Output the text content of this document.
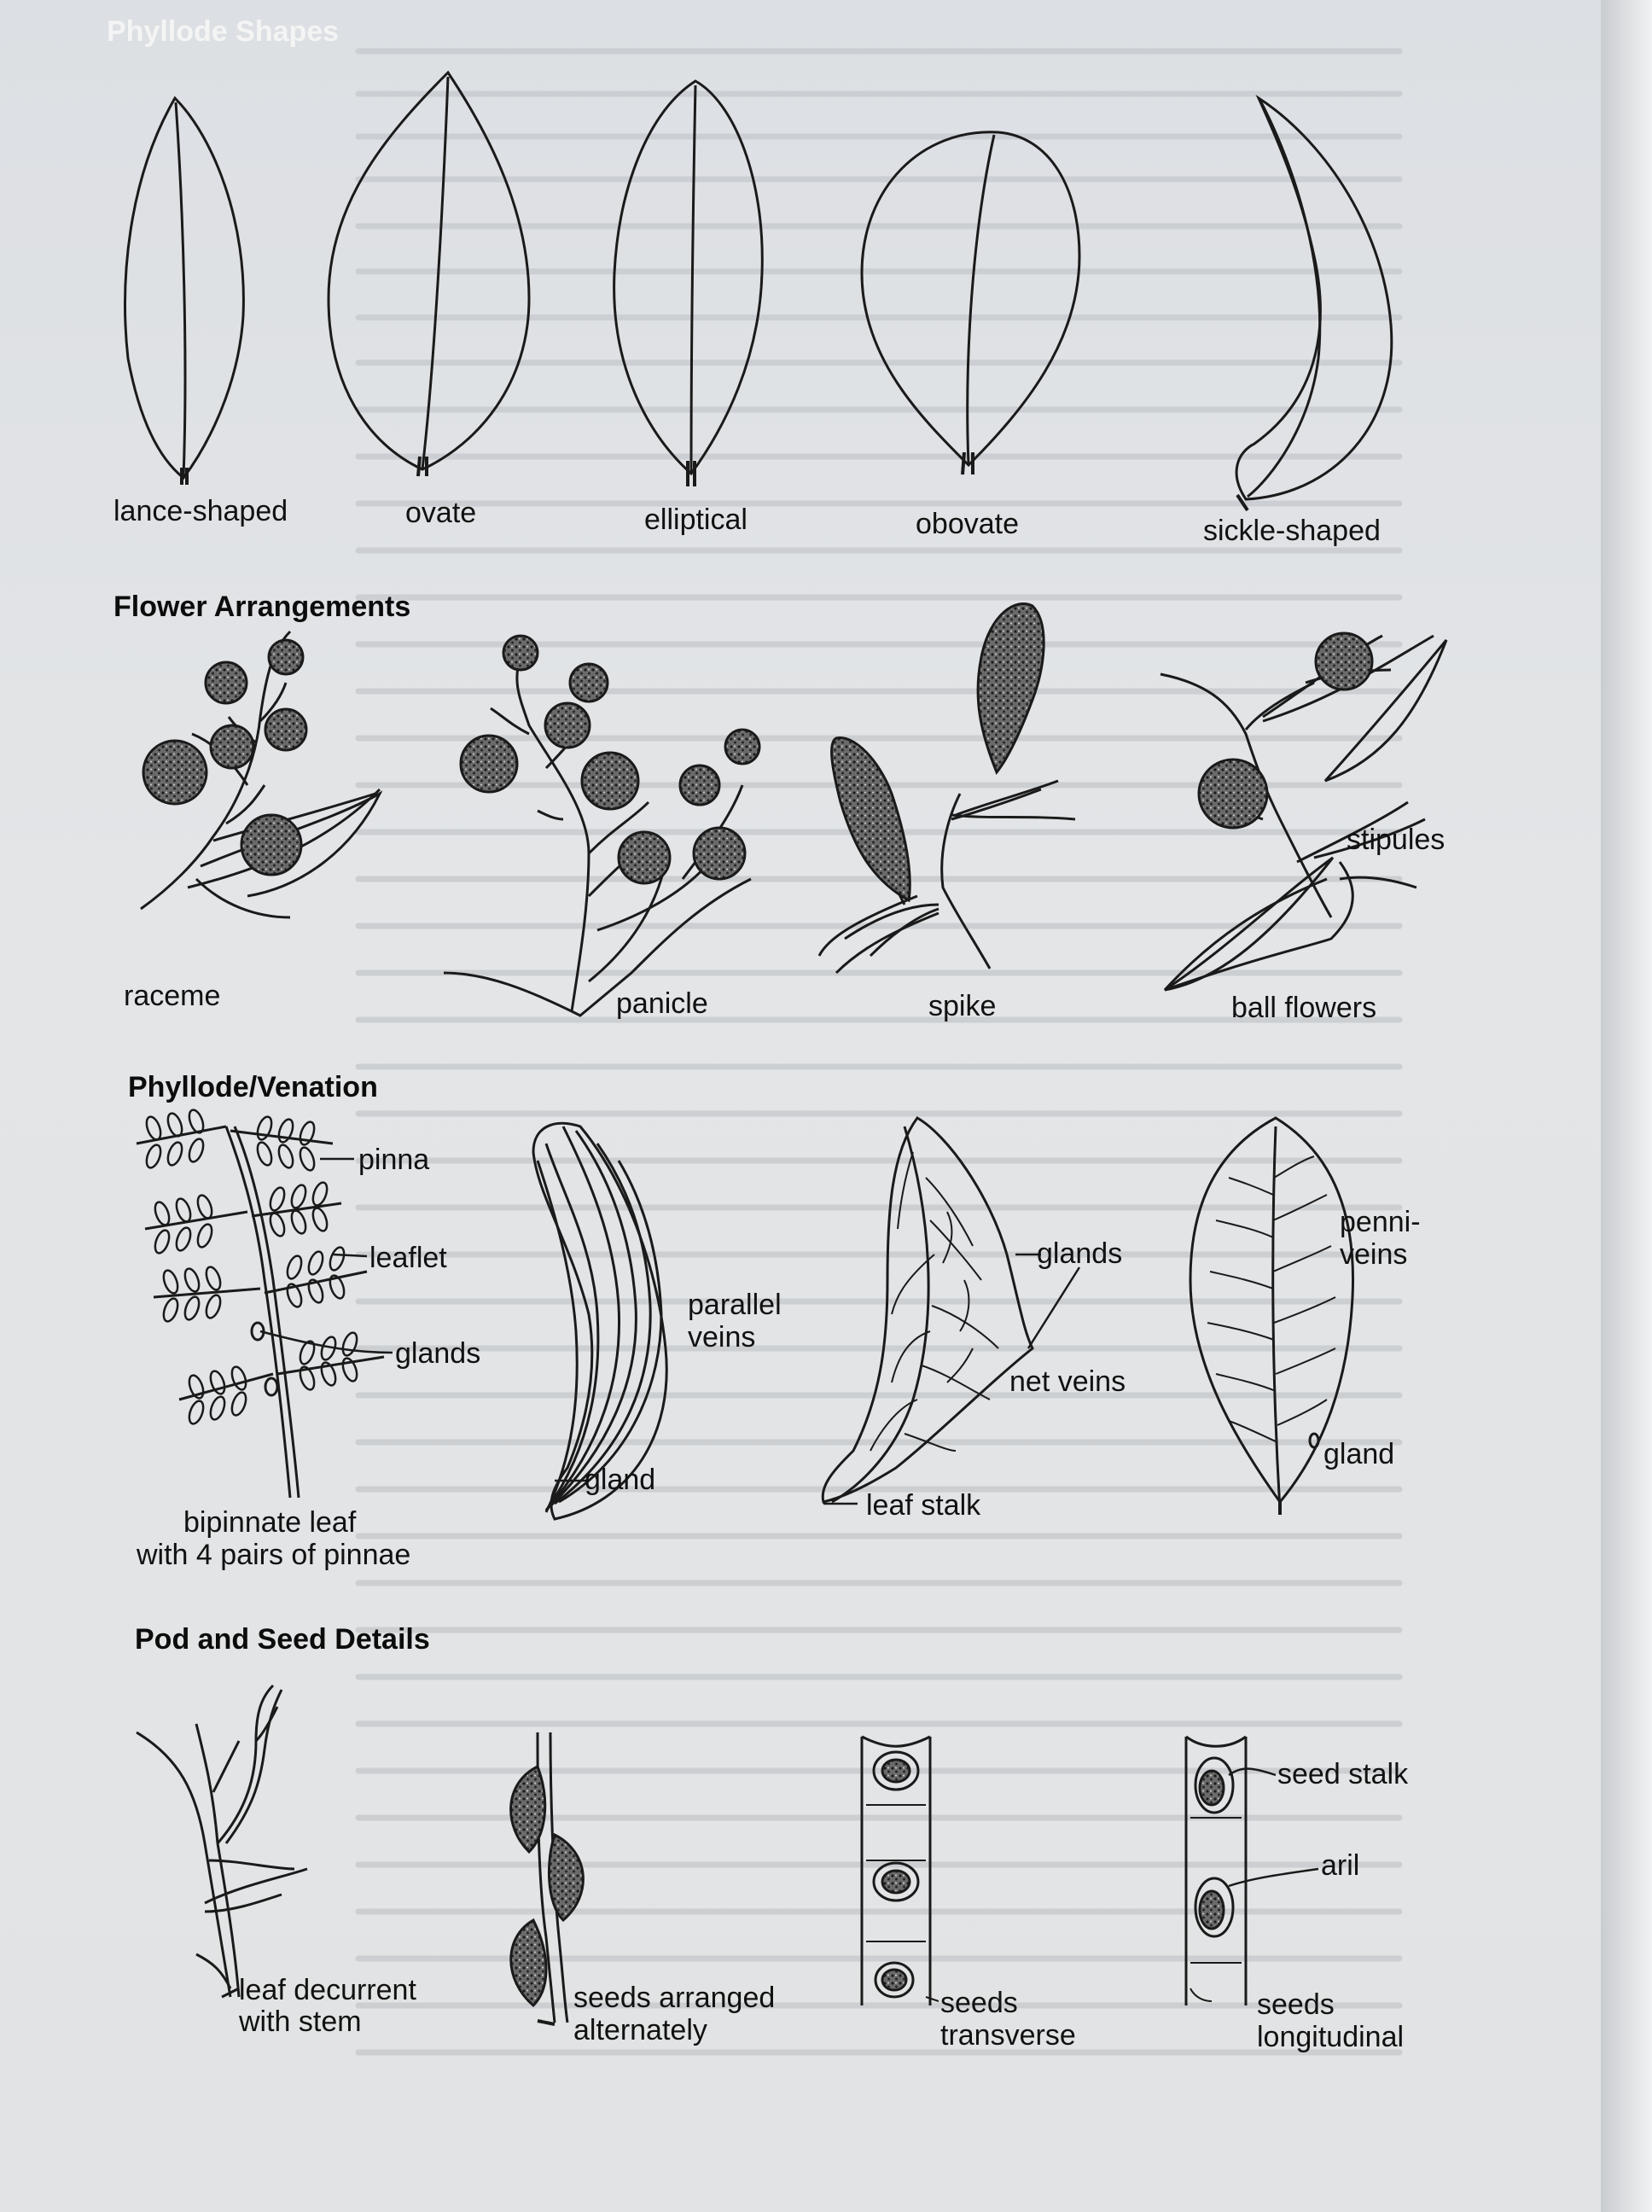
Phyllode Shapes
Flower Arrangements
Phyllode/Venation
Pod and Seed Details
lance-shaped	ovate	elliptical	obovate	sickle-shaped
raceme	panicle	spike	ball flowers
stipules
pinna
leaflet
glands
bipinnate leaf
with 4 pairs of pinnae
parallel
veins
gland
glands
net veins
leaf stalk
penni-
veins
gland
leaf decurrent
with stem
seeds arranged
alternately
seeds
transverse
seeds
longitudinal
seed stalk
aril
